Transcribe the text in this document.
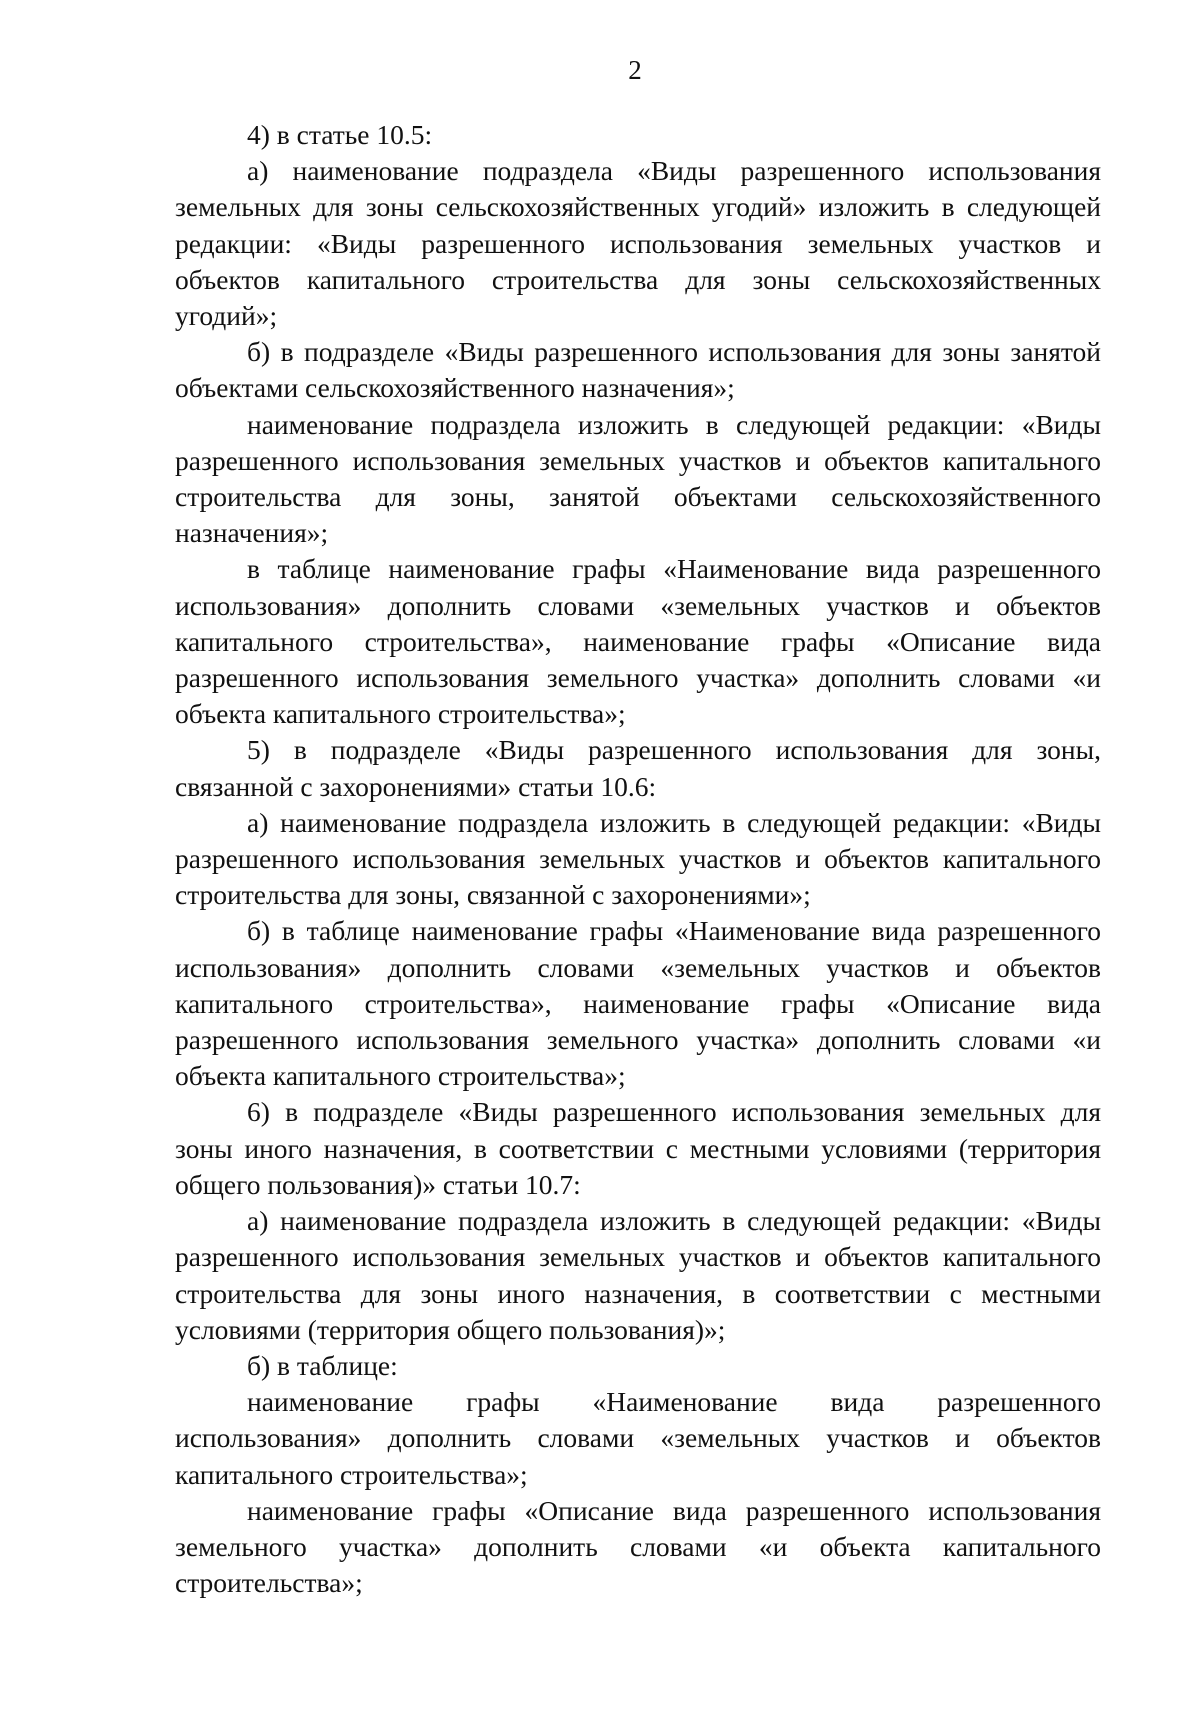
2

4) в статье 10.5:

а) наименование подраздела «Виды разрешенного использования земельных для зоны сельскохозяйственных угодий» изложить в следующей редакции: «Виды разрешенного использования земельных участков и объектов капитального строительства для зоны сельскохозяйственных угодий»;

б) в подразделе «Виды разрешенного использования для зоны занятой объектами сельскохозяйственного назначения»;

наименование подраздела изложить в следующей редакции: «Виды разрешенного использования земельных участков и объектов капитального строительства для зоны, занятой объектами сельскохозяйственного назначения»;

в таблице наименование графы «Наименование вида разрешенного использования» дополнить словами «земельных участков и объектов капитального строительства», наименование графы «Описание вида разрешенного использования земельного участка» дополнить словами «и объекта капитального строительства»;

5) в подразделе «Виды разрешенного использования для зоны, связанной с захоронениями» статьи 10.6:

а) наименование подраздела изложить в следующей редакции: «Виды разрешенного использования земельных участков и объектов капитального строительства для зоны, связанной с захоронениями»;

б) в таблице наименование графы «Наименование вида разрешенного использования» дополнить словами «земельных участков и объектов капитального строительства», наименование графы «Описание вида разрешенного использования земельного участка» дополнить словами «и объекта капитального строительства»;

6) в подразделе «Виды разрешенного использования земельных для зоны иного назначения, в соответствии с местными условиями (территория общего пользования)» статьи 10.7:

а) наименование подраздела изложить в следующей редакции: «Виды разрешенного использования земельных участков и объектов капитального строительства для зоны иного назначения, в соответствии с местными условиями (территория общего пользования)»;

б) в таблице:

наименование графы «Наименование вида разрешенного использования» дополнить словами «земельных участков и объектов капитального строительства»;

наименование графы «Описание вида разрешенного использования земельного участка» дополнить словами «и объекта капитального строительства»;
